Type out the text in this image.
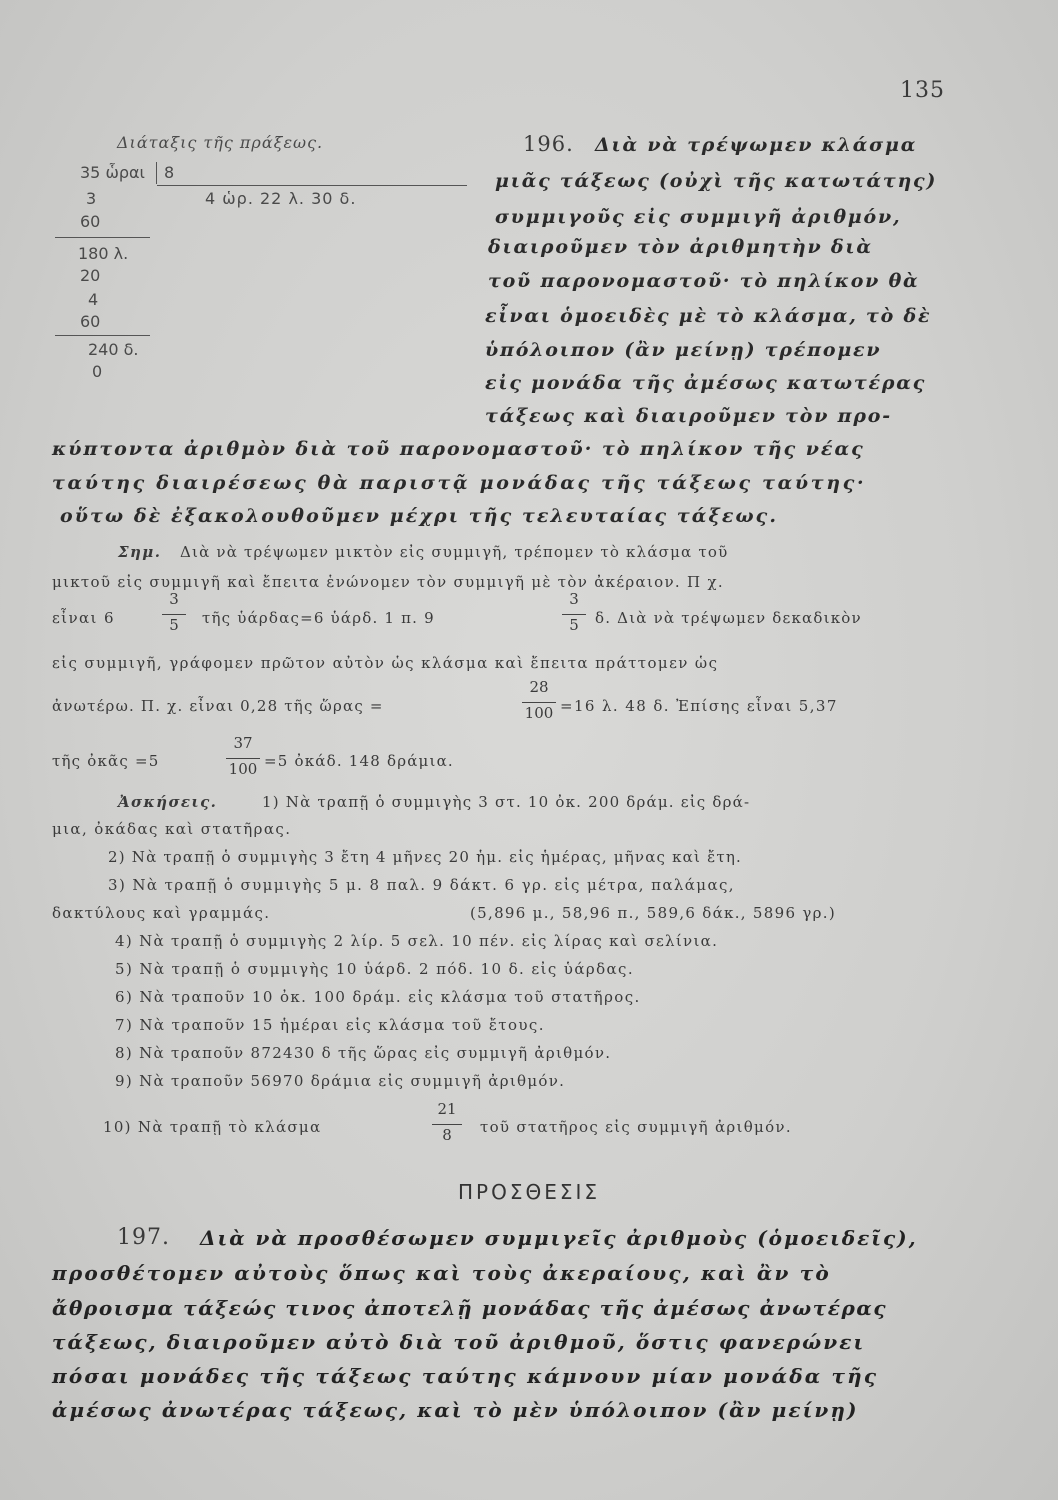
135
Διάταξις τῆς πράξεως.
35 ὧραι 8
4 ὡρ. 22 λ. 30 δ.
3
60
180 λ.
20
4
60
240 δ.
0
196. Διὰ νὰ τρέψωμεν κλάσμα
μιᾶς τάξεως (οὐχὶ τῆς κατωτάτης)
συμμιγοῦς εἰς συμμιγῆ ἀριθμόν,
διαιροῦμεν τὸν ἀριθμητὴν διὰ
τοῦ παρονομαστοῦ· τὸ πηλίκον θὰ
εἶναι ὁμοειδὲς μὲ τὸ κλάσμα, τὸ δὲ
ὑπόλοιπον (ἂν μείνῃ) τρέπομεν
εἰς μονάδα τῆς ἀμέσως κατωτέρας
τάξεως καὶ διαιροῦμεν τὸν προ-
κύπτοντα ἀριθμὸν διὰ τοῦ παρονομαστοῦ· τὸ πηλίκον τῆς νέας
ταύτης διαιρέσεως θὰ παριστᾷ μονάδας τῆς τάξεως ταύτης·
οὕτω δὲ ἐξακολουθοῦμεν μέχρι τῆς τελευταίας τάξεως.
Σημ. Διὰ νὰ τρέψωμεν μικτὸν εἰς συμμιγῆ, τρέπομεν τὸ κλάσμα τοῦ
μικτοῦ εἰς συμμιγῆ καὶ ἔπειτα ἑνώνομεν τὸν συμμιγῆ μὲ τὸν ἀκέραιον. Π χ.
εἶναι 6
3
5	τῆς ὑάρδας=6 ὑάρδ. 1 π. 9
3
5	δ. Διὰ νὰ τρέψωμεν δεκαδικὸν
εἰς συμμιγῆ, γράφομεν πρῶτον αὐτὸν ὡς κλάσμα καὶ ἔπειτα πράττομεν ὡς
ἀνωτέρω. Π. χ. εἶναι 0,28 τῆς ὥρας =
28
100 =16 λ. 48 δ. Ἐπίσης εἶναι 5,37
τῆς ὀκᾶς =5
37
100 =5 ὀκάδ. 148 δράμια.
Ἀσκήσεις.	1) Νὰ τραπῇ ὁ συμμιγὴς 3 στ. 10 ὀκ. 200 δράμ. εἰς δρά-
μια, ὀκάδας καὶ στατῆρας.
2) Νὰ τραπῇ ὁ συμμιγὴς 3 ἔτη 4 μῆνες 20 ἡμ. εἰς ἡμέρας, μῆνας καὶ ἔτη.
3) Νὰ τραπῇ ὁ συμμιγὴς 5 μ. 8 παλ. 9 δάκτ. 6 γρ. εἰς μέτρα, παλάμας,
δακτύλους καὶ γραμμάς.	(5,896 μ., 58,96 π., 589,6 δάκ., 5896 γρ.)
4) Νὰ τραπῇ ὁ συμμιγὴς 2 λίρ. 5 σελ. 10 πέν. εἰς λίρας καὶ σελίνια.
5) Νὰ τραπῇ ὁ συμμιγὴς 10 ὑάρδ. 2 πόδ. 10 δ. εἰς ὑάρδας.
6) Νὰ τραποῦν 10 ὀκ. 100 δράμ. εἰς κλάσμα τοῦ στατῆρος.
7) Νὰ τραποῦν 15 ἡμέραι εἰς κλάσμα τοῦ ἔτους.
8) Νὰ τραποῦν 872430 δ τῆς ὥρας εἰς συμμιγῆ ἀριθμόν.
9) Νὰ τραποῦν 56970 δράμια εἰς συμμιγῆ ἀριθμόν.
10) Νὰ τραπῇ τὸ κλάσμα
21
8	τοῦ στατῆρος εἰς συμμιγῆ ἀριθμόν.
ΠΡΟΣΘΕΣΙΣ
197. Διὰ νὰ προσθέσωμεν συμμιγεῖς ἀριθμοὺς (ὁμοειδεῖς),
προσθέτομεν αὐτοὺς ὅπως καὶ τοὺς ἀκεραίους, καὶ ἂν τὸ
ἄθροισμα τάξεώς τινος ἀποτελῇ μονάδας τῆς ἀμέσως ἀνωτέρας
τάξεως, διαιροῦμεν αὐτὸ διὰ τοῦ ἀριθμοῦ, ὅστις φανερώνει
πόσαι μονάδες τῆς τάξεως ταύτης κάμνουν μίαν μονάδα τῆς
ἀμέσως ἀνωτέρας τάξεως, καὶ τὸ μὲν ὑπόλοιπον (ἂν μείνῃ)
